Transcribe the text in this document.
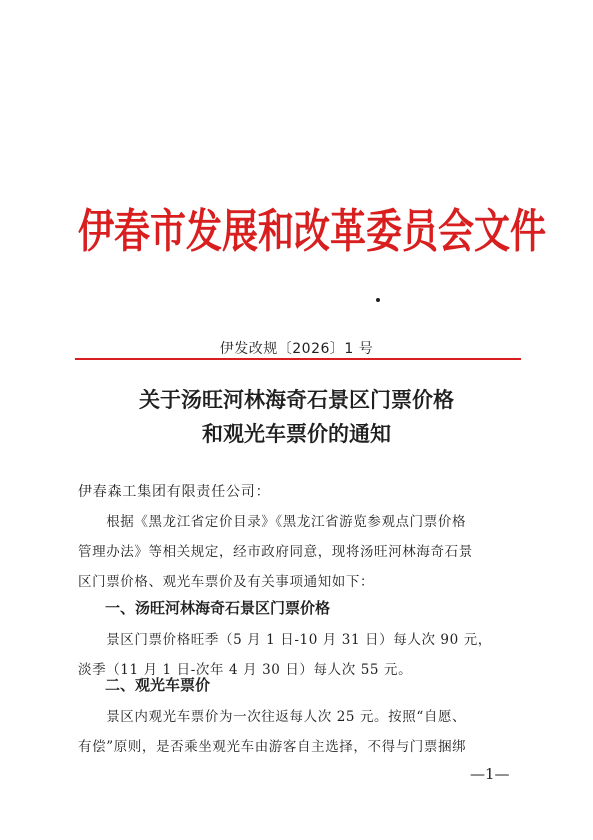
伊春市发展和改革委员会文件
伊发改规〔2026〕1 号
关于汤旺河林海奇石景区门票价格
和观光车票价的通知
伊春森工集团有限责任公司：
　　根据《黑龙江省定价目录》《黑龙江省游览参观点门票价格
管理办法》等相关规定，经市政府同意，现将汤旺河林海奇石景
区门票价格、观光车票价及有关事项通知如下：
一、汤旺河林海奇石景区门票价格
　　景区门票价格旺季（5 月 1 日-10 月 31 日）每人次 90 元，
淡季（11 月 1 日-次年 4 月 30 日）每人次 55 元。
二、观光车票价
　　景区内观光车票价为一次往返每人次 25 元。按照“自愿、
有偿”原则，是否乘坐观光车由游客自主选择，不得与门票捆绑
—1—
